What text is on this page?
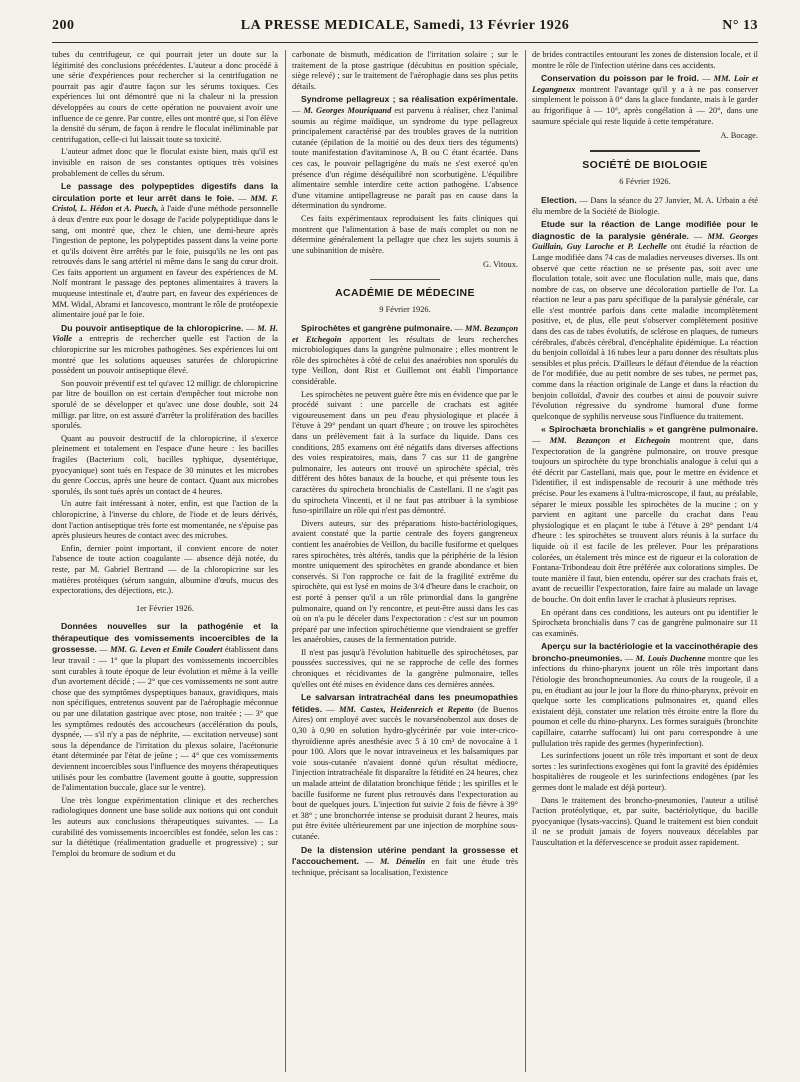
LA PRESSE MEDICALE, Samedi, 13 Février 1926
200	N° 13

tubes du centrifugeur, ce qui pourrait jeter un doute sur la légitimité des conclusions précédentes. L'auteur a donc procédé à une série d'expériences pour rechercher si la centrifugation ne pourrait pas agir d'autre façon sur les sérums toxiques. Ces expériences lui ont démontré que ni la chaleur ni la pression développées au cours de cette opération ne pouvaient avoir une influence de ce genre. Par contre, elles ont montré que, si l'on élève la densité du sérum, de façon à rendre le floculat inéliminable par centrifugation, celle-ci lui laissait toute sa toxicité.

L'auteur admet donc que le floculat existe bien, mais qu'il est invisible en raison de ses constantes optiques très voisines probablement de celles du sérum.

Le passage des polypeptides digestifs dans la circulation porte et leur arrêt dans le foie. — MM. F. Cristol, L. Hédon et A. Puech, à l'aide d'une méthode personnelle à deux d'entre eux pour le dosage de l'acide polypeptidique dans le sang, ont montré que, chez le chien, une demi-heure après l'ingestion de peptone, les polypeptides passent dans la veine porte et qu'ils doivent être arrêtés par le foie, puisqu'ils ne les ont pas retrouvés dans le sang artériel ni même dans le sang du cœur droit. Ces faits apportent un argument en faveur des expériences de M. Nolf montrant le passage des peptones alimentaires à travers la muqueuse intestinale et, d'autre part, en faveur des expériences de MM. Widal, Abrami et Iancovesco, montrant le rôle de protéopexie alimentaire joué par le foie.

Du pouvoir antiseptique de la chloropicrine. — M. H. Violle a entrepris de rechercher quelle est l'action de la chloropicrine sur les microbes pathogènes. Ses expériences lui ont montré que les solutions aqueuses saturées de chloropicrine possèdent un pouvoir antiseptique élevé.

Son pouvoir préventif est tel qu'avec 12 milligr. de chloropicrine par litre de bouillon on est certain d'empêcher tout microbe non sporulé de se développer et qu'avec une dose double, soit 24 milligr. par litre, on est assuré d'arrêter la prolifération des bacilles sporulés.

Quant au pouvoir destructif de la chloropicrine, il s'exerce pleinement et totalement en l'espace d'une heure : les bacilles fragiles (Bacterium coli, bacilles typhique, dysentérique, pyocyanique) sont tués en l'espace de 30 minutes et les microbes du genre Coccus, après une heure de contact. Quant aux microbes sporulés, ils sont tués après un contact de 4 heures.

Un autre fait intéressant à noter, enfin, est que l'action de la chloropicrine, à l'inverse du chlore, de l'iode et de leurs dérivés, dont l'action antiseptique très forte est momentanée, ne s'épuise pas après plusieurs heures de contact avec des microbes.

Enfin, dernier point important, il convient encore de noter l'absence de toute action coagulante — absence déjà notée, du reste, par M. Gabriel Bertrand — de la chloropicrine sur les matières protéiques (sérum sanguin, albumine d'œufs, mucus des expectorations, des déjections, etc.).

1er Février 1926.

Données nouvelles sur la pathogénie et la thérapeutique des vomissements incoercibles de la grossesse. — MM. G. Leven et Emile Coudert établissent dans leur travail : — 1° que la plupart des vomissements incoercibles sont curables à toute époque de leur évolution et même à la veille d'un avortement décidé ; — 2° que ces vomissements ne sont autre chose que des symptômes dyspeptiques banaux, gravidiques, mais non spécifiques, entretenus souvent par de l'aérophagie méconnue ou par une dilatation gastrique avec ptose, non traitée ; — 3° que les symptômes redoutés des accoucheurs (accélération du pouls, dyspnée, — s'il n'y a pas de néphrite, — excitation nerveuse) sont sous la dépendance de l'irritation du plexus solaire, l'acétonurie étant déterminée par l'état de jeûne ; — 4° que ces vomissements deviennent incoercibles sous l'influence des moyens thérapeutiques utilisés pour les combattre (lavement goutte à goutte, suppression de l'alimentation buccale, glace sur le ventre).

Une très longue expérimentation clinique et des recherches radiologiques donnent une base solide aux notions qui ont conduit les auteurs aux conclusions thérapeutiques suivantes. — La curabilité des vomissements incoercibles est fondée, selon les cas : sur la diététique (réalimentation graduelle et progressive) ; sur l'emploi du bromure de sodium et du

carbonate de bismuth, médication de l'irritation solaire ; sur le traitement de la ptose gastrique (décubitus en position spéciale, siège relevé) ; sur le traitement de l'aérophagie dans ses plus petits détails.

Syndrome pellagreux ; sa réalisation expérimentale. — M. Georges Mouriquand est parvenu à réaliser, chez l'animal soumis au régime maïdique, un syndrome du type pellagreux principalement caractérisé par des troubles graves de la nutrition cutanée (épilation de la moitié ou des deux tiers des téguments) toute manifestation d'avitaminose A, B ou C étant écartée. Dans ces cas, le pouvoir pellagrigène du maïs ne s'est exercé qu'en présence d'un régime déséquilibré non scorbutigène. L'équilibre alimentaire semble interdire cette action pathogène. L'absence d'une vitamine antipellagreuse ne paraît pas en cause dans la détermination du syndrome.

Ces faits expérimentaux reproduisent les faits cliniques qui montrent que l'alimentation à base de maïs complet ou non ne détermine généralement la pellagre que chez les sujets soumis à une subinanition de misère.

G. Vitoux.

ACADÉMIE DE MÉDECINE

9 Février 1926.

Spirochètes et gangrène pulmonaire. — MM. Bezançon et Etchegoin apportent les résultats de leurs recherches microbiologiques dans la gangrène pulmonaire ; elles montrent le rôle des spirochètes à côté de celui des anaérobies non sporulés du type Veillon, dont Rist et Guillemot ont établi l'importance considérable.

Les spirochètes ne peuvent guère être mis en évidence que par le procédé suivant : une parcelle de crachats est agitée vigoureusement dans un peu d'eau physiologique et placée à l'étuve à 29° pendant un quart d'heure ; on trouve les spirochètes dans un prélèvement fait à la surface du liquide. Dans ces conditions, 285 examens ont été négatifs dans diverses affections des voies respiratoires, mais, dans 7 cas sur 11 de gangrène pulmonaire, les auteurs ont trouvé un spirochète spécial, très différent des hôtes banaux de la bouche, et qui présente tous les caractères du spirocheta bronchialis de Castellani. Il ne s'agit pas du spirocheta Vincenti, et il ne faut pas attribuer à la symbiose fuso-spirillaire un rôle qui n'est pas démontré.

Divers auteurs, sur des préparations histo-bactériologiques, avaient constaté que la partie centrale des foyers gangreneux contient les anaérobies de Veillon, du bacille fusiforme et quelques rares spirochètes, très altérés, tandis que la périphérie de la lésion montre uniquement des spirochètes en grande abondance et bien conservés. Si l'on rapproche ce fait de la fragilité extrême du spirochète, qui est lysé en moins de 3/4 d'heure dans le crachoir, on est porté à penser qu'il a un rôle primordial dans la gangrène pulmonaire, quand on l'y rencontre, et peut-être aussi dans les cas où on n'a pu le déceler dans l'expectoration : c'est sur un poumon préparé par une infection spirochétienne que viendraient se greffer les anaérobies, causes de la fermentation putride.

Il n'est pas jusqu'à l'évolution habituelle des spirochétoses, par poussées successives, qui ne se rapproche de celle des formes chroniques et récidivantes de la gangrène pulmonaire, telles qu'elles ont été mises en évidence dans ces dernières années.

Le salvarsan intratrachéal dans les pneumopathies fétides. — MM. Castex, Heidenreich et Repetto (de Buenos Aires) ont employé avec succès le novarsénobenzol aux doses de 0,30 à 0,90 en solution hydro-glycérinée par voie inter-crico-thyroïdienne après anesthésie avec 5 à 10 cm³ de novocaïne à 1 pour 100. Alors que le novar intraveineux et les balsamiques par voie sous-cutanée n'avaient donné qu'un résultat médiocre, l'injection intratrachéale fit disparaître la fétidité en 24 heures, chez un malade atteint de dilatation bronchique fétide ; les spirilles et le bacille fusiforme ne furent plus retrouvés dans l'expectoration au bout de quelques jours. L'injection fut suivie 2 fois de fièvre à 39° et 38° ; une bronchorrée intense se produisit durant 2 heures, mais put être évitée ultérieurement par une injection de morphine sous-cutanée.

De la distension utérine pendant la grossesse et l'accouchement. — M. Démelin en fait une étude très technique, précisant sa localisation, l'existence

de brides contractiles entourant les zones de distension locale, et il montre le rôle de l'infection utérine dans ces accidents.

Conservation du poisson par le froid. — MM. Loir et Legangneux montrent l'avantage qu'il y a à ne pas conserver simplement le poisson à 0° dans la glace fondante, mais à le garder au frigorifique à — 10°, après congélation à — 20°, dans une saumure spéciale qui reste liquide à cette température.

A. Bocage.

SOCIÉTÉ DE BIOLOGIE

6 Février 1926.

Election. — Dans la séance du 27 Janvier, M. A. Urbain a été élu membre de la Société de Biologie.

Etude sur la réaction de Lange modifiée pour le diagnostic de la paralysie générale. — MM. Georges Guillain, Guy Laroche et P. Lechelle ont étudié la réaction de Lange modifiée dans 74 cas de maladies nerveuses diverses. Ils ont observé que cette réaction ne se présente pas, soit avec une floculation totale, soit avec une floculation nulle, mais que, dans nombre de cas, on observe une décoloration partielle de l'or. La réaction ne leur a pas paru spécifique de la paralysie générale, car elle s'est montrée parfois dans cette maladie incomplètement positive, et, de plus, elle peut s'observer complètement positive dans des cas de tabes évolutifs, de sclérose en plaques, de tumeurs cérébrales, d'abcès cérébral, d'encéphalite épidémique. La réaction du benjoin colloïdal à 16 tubes leur a paru donner des résultats plus sensibles et plus précis. D'ailleurs le défaut d'étendue de la réaction de l'or modifiée, due au petit nombre de ses tubes, ne permet pas, comme dans la réaction originale de Lange et dans la réaction du benjoin colloïdal, d'avoir des courbes et ainsi de pouvoir suivre l'évolution régressive du syndrome humoral d'une forme quelconque de syphilis nerveuse sous l'influence du traitement.

« Spirochæta bronchialis » et gangrène pulmonaire. — MM. Bezançon et Etchegoin montrent que, dans l'expectoration de la gangrène pulmonaire, on trouve presque toujours un spirochète du type bronchialis analogue à celui qui a été décrit par Castellani, mais que, pour le mettre en évidence et l'identifier, il est indispensable de recourir à une méthode très précise. Pour les examens à l'ultra-microscope, il faut, au préalable, séparer le mieux possible les spirochètes de la mucine ; on y parvient en agitant une parcelle du crachat dans l'eau physiologique et en plaçant le tube à l'étuve à 29° pendant 1/4 d'heure : les spirochètes se trouvent alors réunis à la surface du liquide où il est facile de les prélever. Pour les préparations colorées, un étalement très mince est de rigueur et la coloration de Fontana-Tribondeau doit être préférée aux colorations simples. De toute manière il faut, bien entendu, opérer sur des crachats frais et, avant de recueillir l'expectoration, faire faire au malade un lavage de bouche. On doit enfin laver le crachat à plusieurs reprises.

En opérant dans ces conditions, les auteurs ont pu identifier le Spirochæta bronchialis dans 7 cas de gangrène pulmonaire sur 11 cas examinés.

Aperçu sur la bactériologie et la vaccinothérapie des broncho-pneumonies. — M. Louis Duchenne montre que les infections du rhino-pharynx jouent un rôle très important dans l'étiologie des bronchopneumonies. Au cours de la rougeole, il a pu, en étudiant au jour le jour la flore du rhino-pharynx, prévoir en quelque sorte les complications pulmonaires et, quand elles existaient déjà, constater une relation très étroite entre la flore du poumon et celle du rhino-pharynx. Les formes suraiguës (bronchite capillaire, catarrhe suffocant) lui ont paru correspondre à une pullulation très rapide des germes (hyperinfection).

Les surinfections jouent un rôle très important et sont de deux sortes : les surinfections exogènes qui font la gravité des épidémies hospitalières de rougeole et les surinfections endogènes (par les germes dont le malade est déjà porteur).

Dans le traitement des broncho-pneumonies, l'auteur a utilisé l'action protéolytique, et, par suite, bactériolytique, du bacille pyocyanique (lysats-vaccins). Quand le traitement est bien conduit il ne se produit jamais de foyers nouveaux décelables par l'auscultation et la défervescence se produit assez rapidement.
